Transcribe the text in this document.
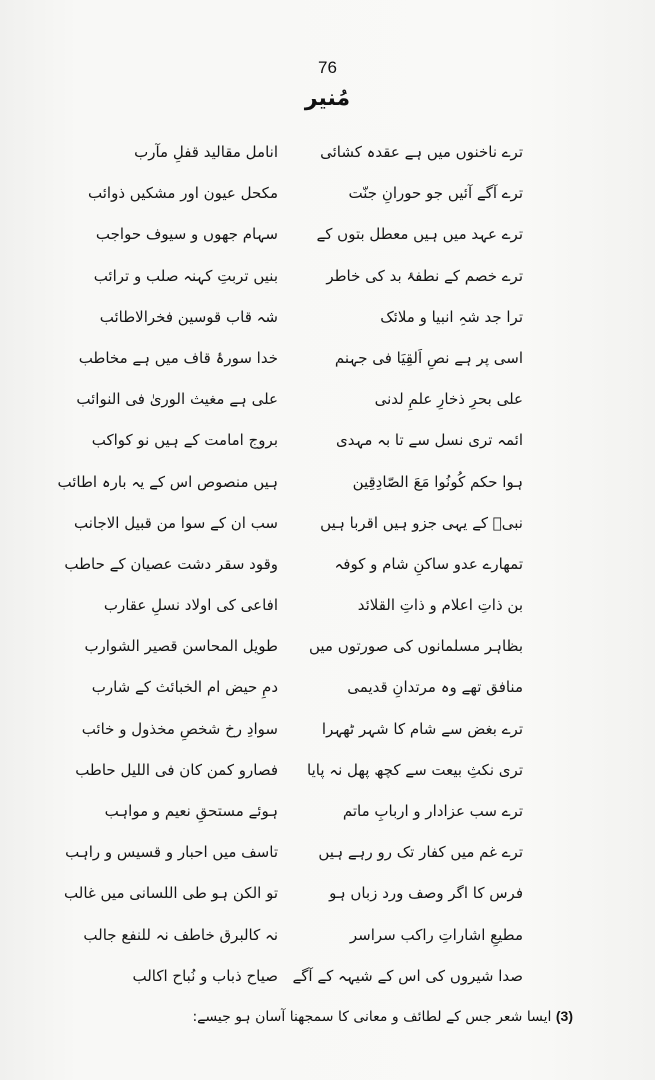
76
مُنیر
ترے ناخنوں میں ہے عقدہ کشائی
انامل مقالید قفلِ مآرب
ترے آگے آئیں جو حورانِ جنّت
مکحل عیون اور مشکیں ذوائب
ترے عہد میں ہیں معطل بتوں کے
سہام جھوں و سیوف حواجب
ترے خصم کے نطفۂ بد کی خاطر
بنیں تربتِ کہنہ صلب و ترائب
ترا جد شہِ انبیا و ملائک
شہ قاب قوسین فخرالاطائب
اسی پر ہے نصِ اَلقِیَا فی جہنم
خدا سورۂ قاف میں ہے مخاطب
علی بحرِ ذخارِ علمِ لدنی
علی ہے مغیث الوریٰ فی النوائب
ائمہ تری نسل سے تا بہ مہدی
بروج امامت کے ہیں نو کواکب
ہوا حکم کُونُوا مَعَ الصّادِقِین
ہیں منصوص اس کے یہ بارہ اطائب
نبیؐ کے یہی جزو ہیں اقربا ہیں
سب ان کے سوا من قبیل الاجانب
تمھارے عدو ساکنِ شام و کوفہ
وقود سقر دشت عصیان کے حاطب
بن ذاتِ اعلام و ذاتِ القلائد
افاعی کی اولاد نسلِ عقارب
بظاہر مسلمانوں کی صورتوں میں
طویل المحاسن قصیر الشوارب
منافق تھے وہ مرتدانِ قدیمی
دمِ حیض ام الخبائث کے شارب
ترے بغض سے شام کا شہر ٹھہرا
سوادِ رخ شخصِ مخذول و خائب
تری نکثِ بیعت سے کچھ پھل نہ پایا
فصارو کمن کان فی اللیل حاطب
ترے سب عزادار و اربابِ ماتم
ہوئے مستحقِ نعیم و مواہب
ترے غم میں کفار تک رو رہے ہیں
تاسف میں احبار و قسیس و راہب
فرس کا اگر وصف ورد زباں ہو
تو الکن ہو طی اللسانی میں غالب
مطیعِ اشاراتِ راکب سراسر
نہ کالبرق خاطف نہ للنفع جالب
صدا شیروں کی اس کے شیہہ کے آگے
صیاح ذباب و نُباح اکالب
(3) ایسا شعر جس کے لطائف و معانی کا سمجھنا آسان ہو جیسے:
